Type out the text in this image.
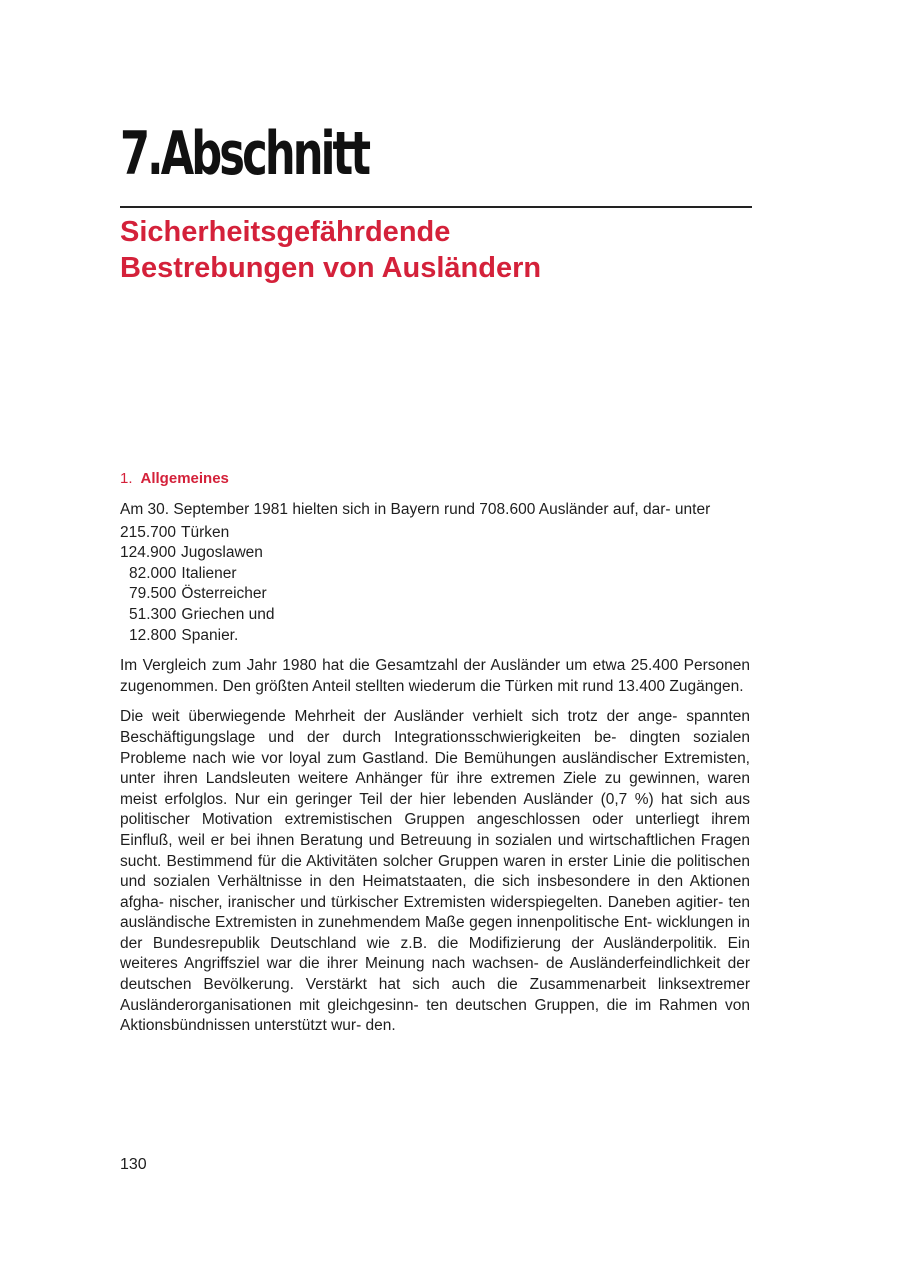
7.Abschnitt
Sicherheitsgefährdende
Bestrebungen von Ausländern
1. Allgemeines

Am 30. September 1981 hielten sich in Bayern rund 708.600 Ausländer auf, dar- unter

215.700 Türken
124.900 Jugoslawen
82.000 Italiener
79.500 Österreicher
51.300 Griechen und
12.800 Spanier.

Im Vergleich zum Jahr 1980 hat die Gesamtzahl der Ausländer um etwa 25.400 Personen zugenommen. Den größten Anteil stellten wiederum die Türken mit rund 13.400 Zugängen.

Die weit überwiegende Mehrheit der Ausländer verhielt sich trotz der ange- spannten Beschäftigungslage und der durch Integrationsschwierigkeiten be- dingten sozialen Probleme nach wie vor loyal zum Gastland. Die Bemühungen ausländischer Extremisten, unter ihren Landsleuten weitere Anhänger für ihre extremen Ziele zu gewinnen, waren meist erfolglos. Nur ein geringer Teil der hier lebenden Ausländer (0,7 %) hat sich aus politischer Motivation extremistischen Gruppen angeschlossen oder unterliegt ihrem Einfluß, weil er bei ihnen Beratung und Betreuung in sozialen und wirtschaftlichen Fragen sucht. Bestimmend für die Aktivitäten solcher Gruppen waren in erster Linie die politischen und sozialen Verhältnisse in den Heimatstaaten, die sich insbesondere in den Aktionen afgha- nischer, iranischer und türkischer Extremisten widerspiegelten. Daneben agitier- ten ausländische Extremisten in zunehmendem Maße gegen innenpolitische Ent- wicklungen in der Bundesrepublik Deutschland wie z.B. die Modifizierung der Ausländerpolitik. Ein weiteres Angriffsziel war die ihrer Meinung nach wachsen- de Ausländerfeindlichkeit der deutschen Bevölkerung. Verstärkt hat sich auch die Zusammenarbeit linksextremer Ausländerorganisationen mit gleichgesinn- ten deutschen Gruppen, die im Rahmen von Aktionsbündnissen unterstützt wur- den.

130
